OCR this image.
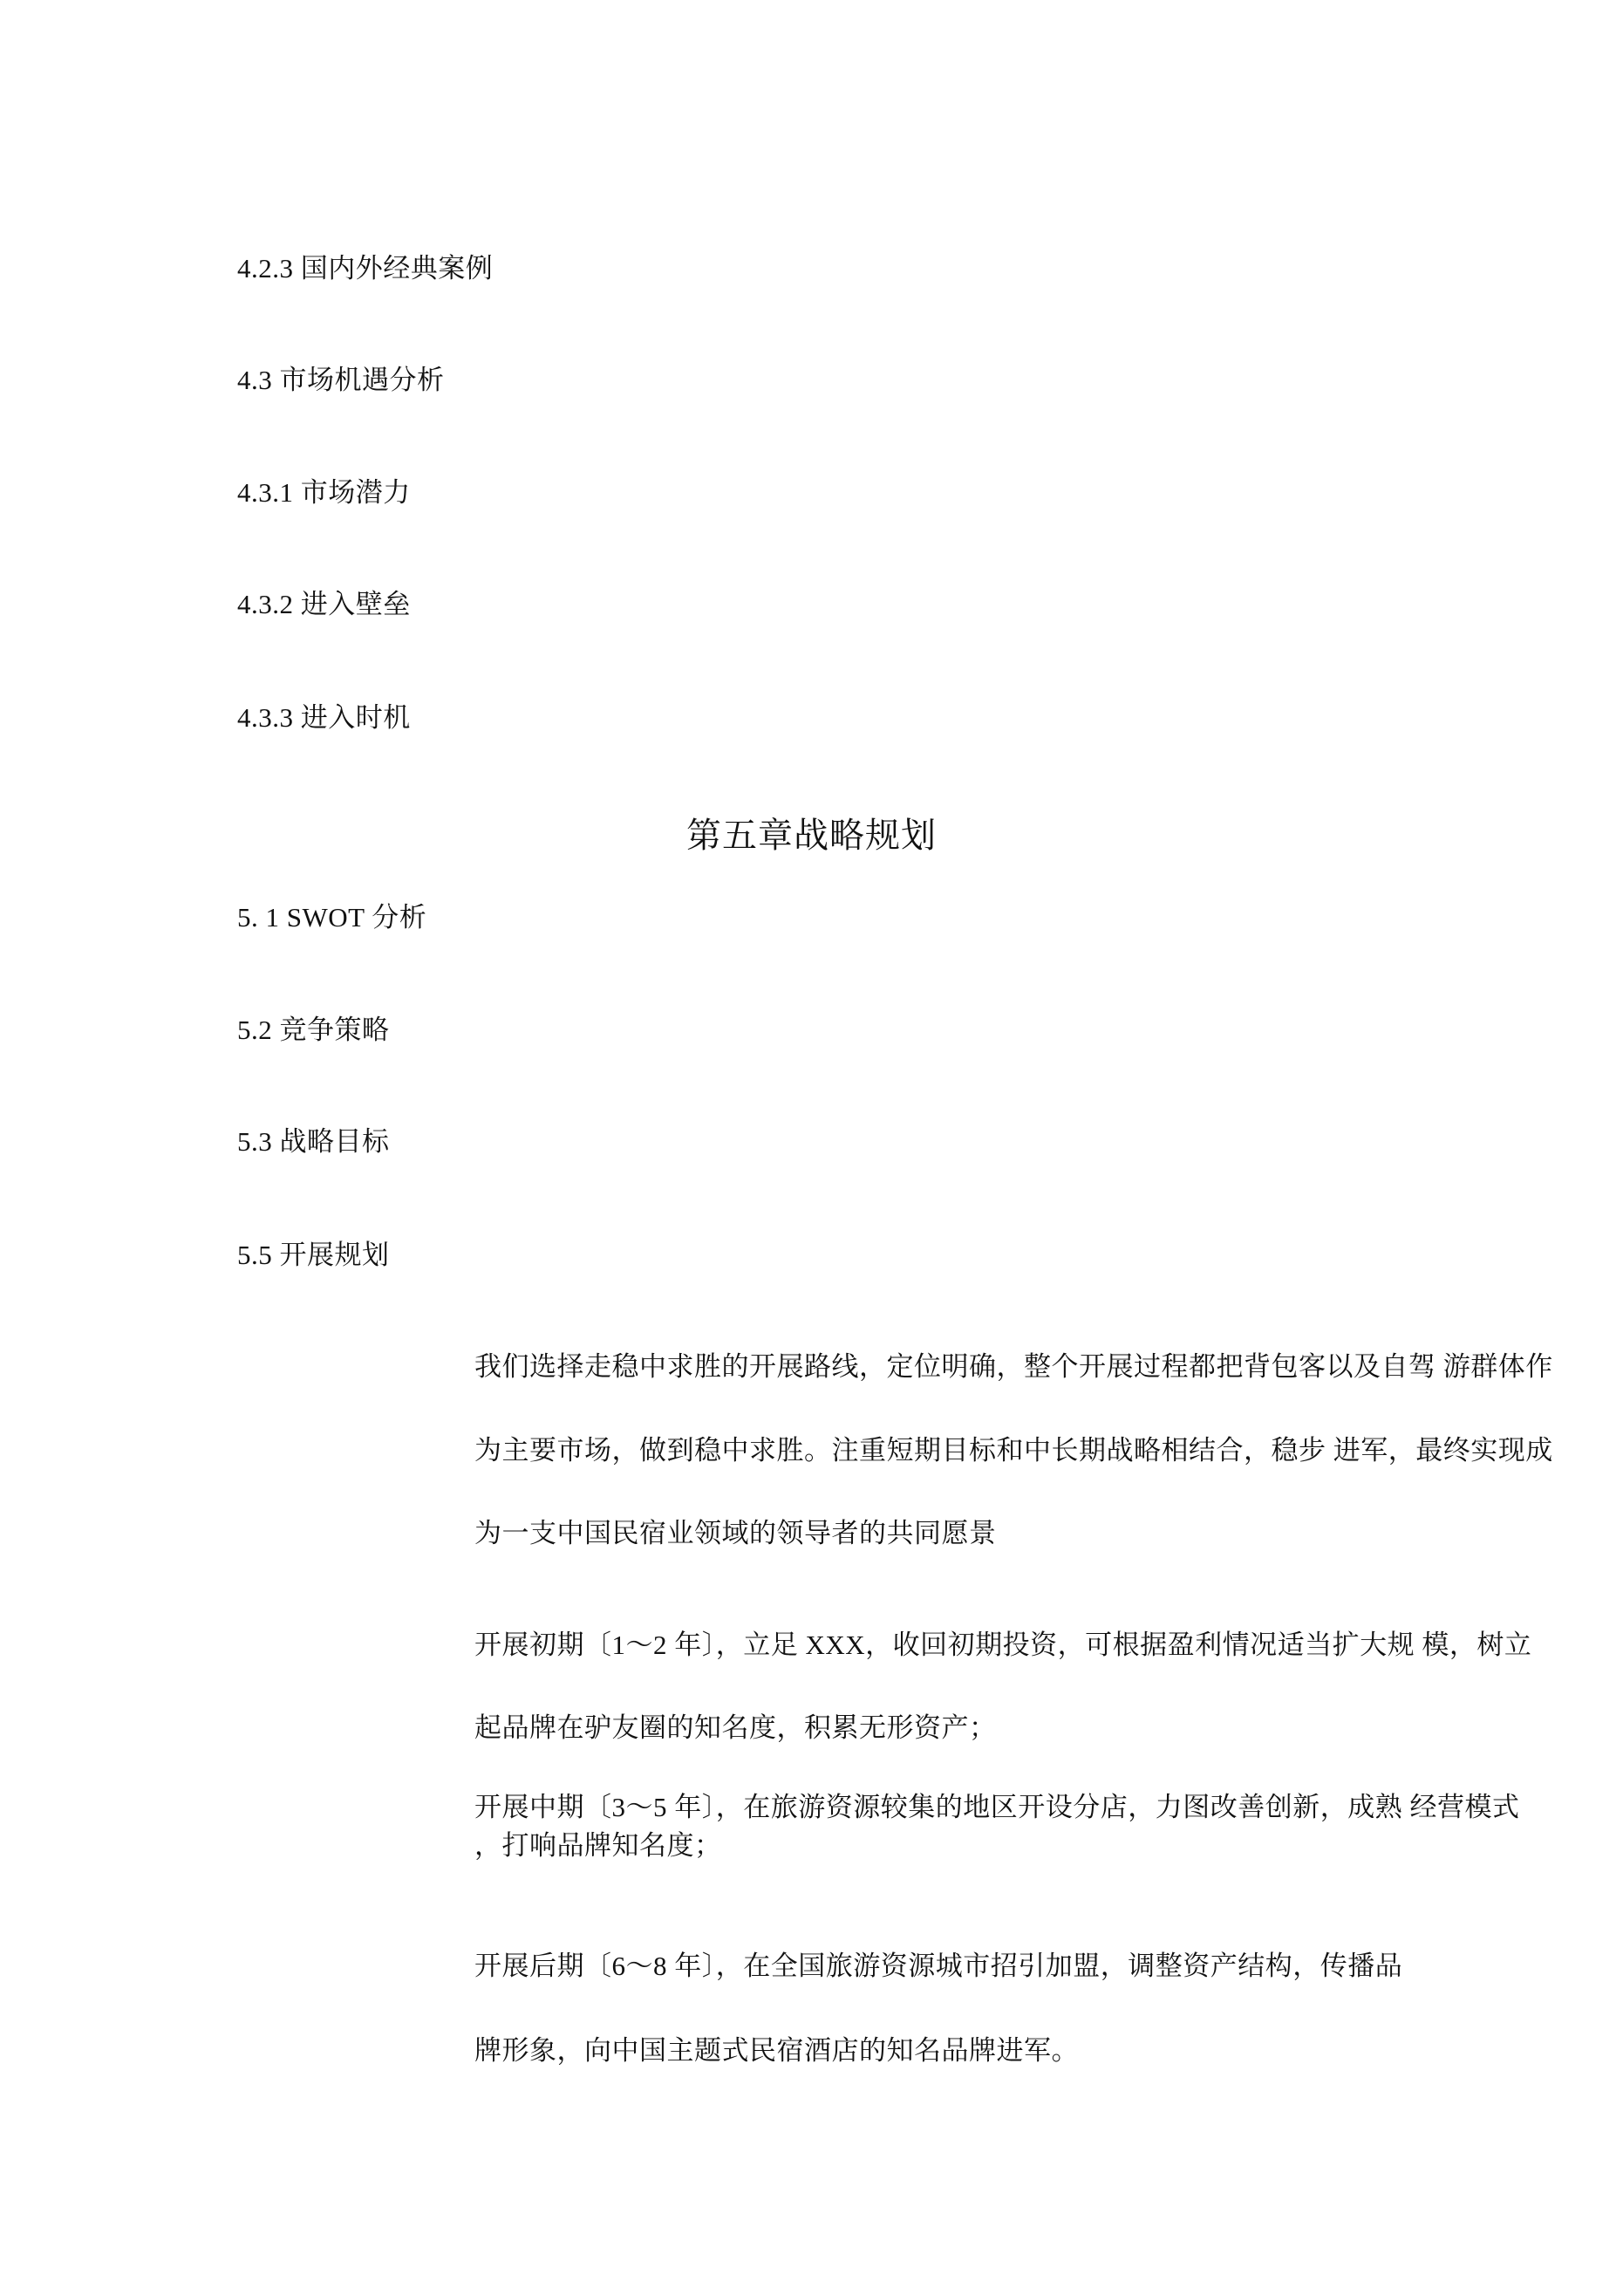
4.2.3 国内外经典案例
4.3 市场机遇分析
4.3.1 市场潜力
4.3.2 进入壁垒
4.3.3 进入时机
第五章战略规划
5. 1 SWOT 分析
5.2 竞争策略
5.3 战略目标
5.5 开展规划
我们选择走稳中求胜的开展路线，定位明确，整个开展过程都把背包客以及自驾 游群体作
为主要市场，做到稳中求胜。注重短期目标和中长期战略相结合，稳步 进军，最终实现成
为一支中国民宿业领域的领导者的共同愿景
开展初期〔1〜2 年〕，立足 XXX，收回初期投资，可根据盈利情况适当扩大规 模，树立
起品牌在驴友圈的知名度，积累无形资产；
开展中期〔3〜5 年〕，在旅游资源较集的地区开设分店，力图改善创新，成熟 经营模式
，打响品牌知名度；
开展后期〔6〜8 年〕，在全国旅游资源城市招引加盟，调整资产结构，传播品
牌形象，向中国主题式民宿酒店的知名品牌进军。
